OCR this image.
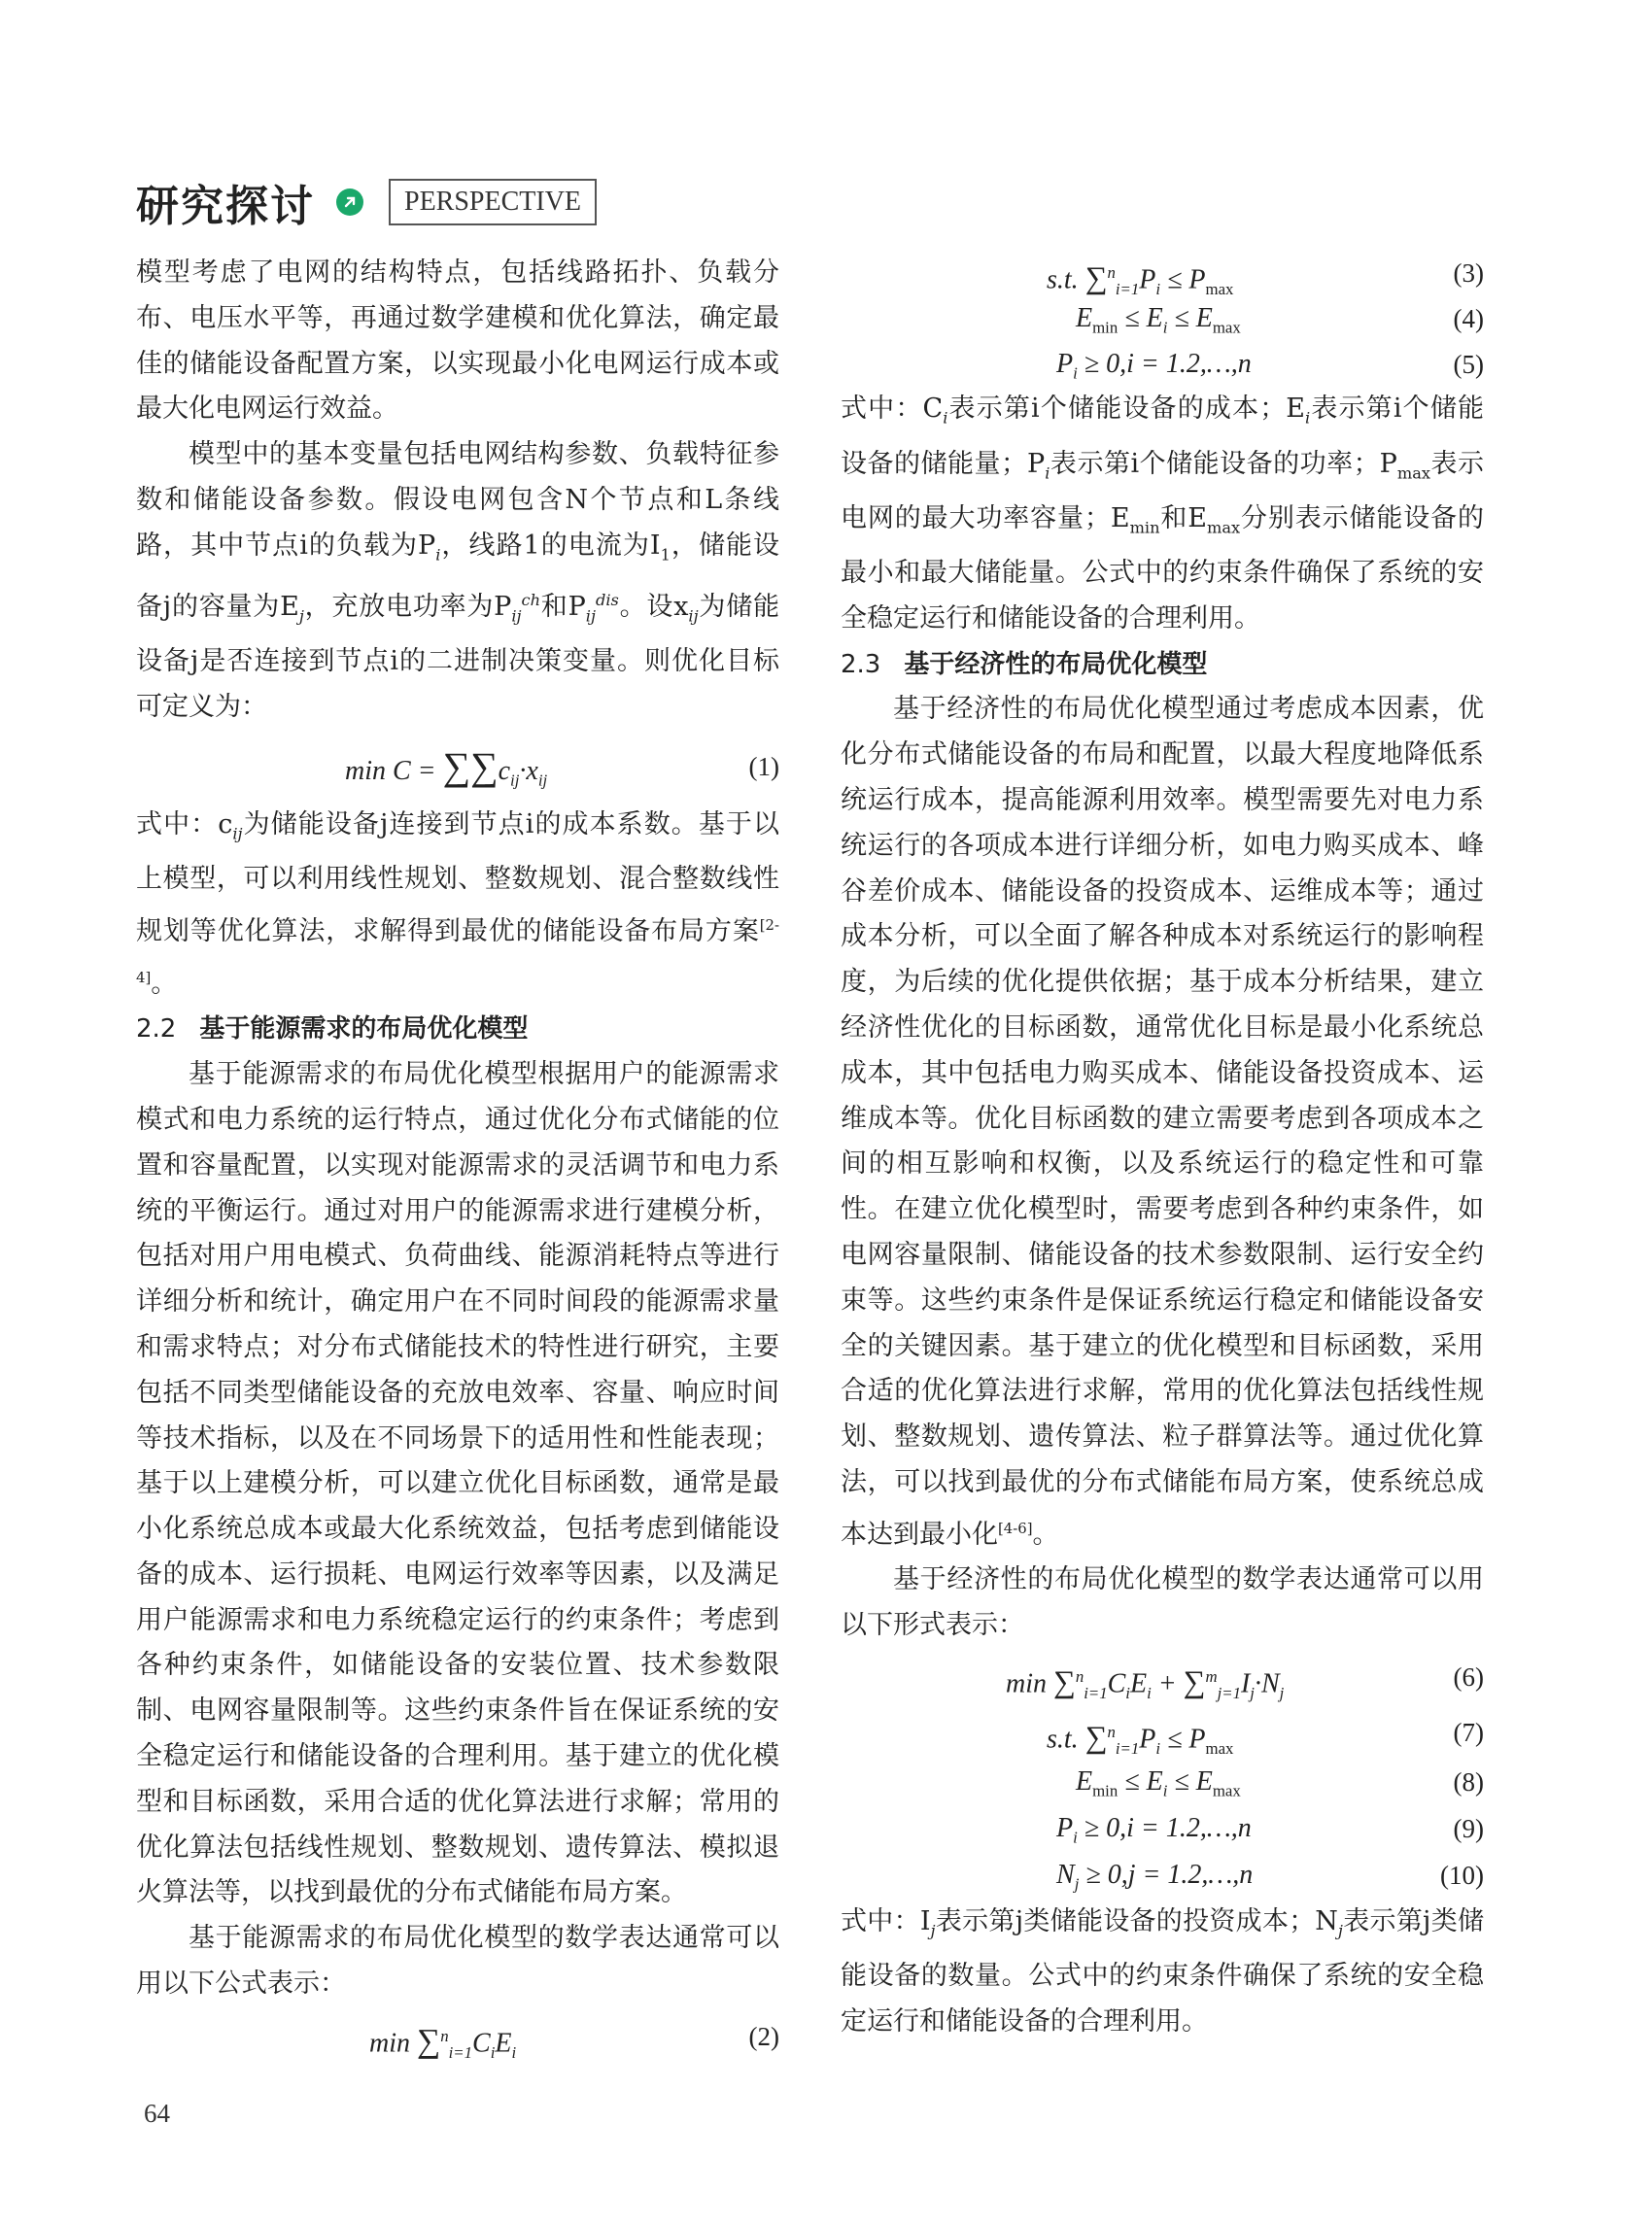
研究探讨	PERSPECTIVE

模型考虑了电网的结构特点，包括线路拓扑、负载分布、电压水平等，再通过数学建模和优化算法，确定最佳的储能设备配置方案，以实现最小化电网运行成本或最大化电网运行效益。

模型中的基本变量包括电网结构参数、负载特征参数和储能设备参数。假设电网包含N个节点和L条线路，其中节点i的负载为$P_i$，线路1的电流为$I_1$，储能设备j的容量为$E_j$，充放电功率为$P_{ij}^{ch}$和$P_{ij}^{dis}$。设$x_{ij}$为储能设备j是否连接到节点i的二进制决策变量。则优化目标可定义为：

$\min C = \sum\sum c_{ij}\cdot x_{ij}$	(1)

式中：$c_{ij}$为储能设备j连接到节点i的成本系数。基于以上模型，可以利用线性规划、整数规划、混合整数线性规划等优化算法，求解得到最优的储能设备布局方案[2-4]。

2.2 基于能源需求的布局优化模型

基于能源需求的布局优化模型根据用户的能源需求模式和电力系统的运行特点，通过优化分布式储能的位置和容量配置，以实现对能源需求的灵活调节和电力系统的平衡运行。通过对用户的能源需求进行建模分析，包括对用户用电模式、负荷曲线、能源消耗特点等进行详细分析和统计，确定用户在不同时间段的能源需求量和需求特点；对分布式储能技术的特性进行研究，主要包括不同类型储能设备的充放电效率、容量、响应时间等技术指标，以及在不同场景下的适用性和性能表现；基于以上建模分析，可以建立优化目标函数，通常是最小化系统总成本或最大化系统效益，包括考虑到储能设备的成本、运行损耗、电网运行效率等因素，以及满足用户能源需求和电力系统稳定运行的约束条件；考虑到各种约束条件，如储能设备的安装位置、技术参数限制、电网容量限制等。这些约束条件旨在保证系统的安全稳定运行和储能设备的合理利用。基于建立的优化模型和目标函数，采用合适的优化算法进行求解；常用的优化算法包括线性规划、整数规划、遗传算法、模拟退火算法等，以找到最优的分布式储能布局方案。

基于能源需求的布局优化模型的数学表达通常可以用以下公式表示：

$\min \sum^n_{i=1}C_iE_i$
(2)
s.t. $\sum^n_{i=1}P_i \le P_{max}$
(3)
$E_{min} \le E_i \le E_{max}$	(4)
$P_i \ge 0,i$ = 1.2,…,n	(5)

式中：$C_i$表示第i个储能设备的成本；$E_i$表示第i个储能设备的储能量；$P_i$表示第i个储能设备的功率；$P_{max}$表示电网的最大功率容量；$E_{min}$和$E_{max}$分别表示储能设备的最小和最大储能量。公式中的约束条件确保了系统的安全稳定运行和储能设备的合理利用。

2.3 基于经济性的布局优化模型

基于经济性的布局优化模型通过考虑成本因素，优化分布式储能设备的布局和配置，以最大程度地降低系统运行成本，提高能源利用效率。模型需要先对电力系统运行的各项成本进行详细分析，如电力购买成本、峰谷差价成本、储能设备的投资成本、运维成本等；通过成本分析，可以全面了解各种成本对系统运行的影响程度，为后续的优化提供依据；基于成本分析结果，建立经济性优化的目标函数，通常优化目标是最小化系统总成本，其中包括电力购买成本、储能设备投资成本、运维成本等。优化目标函数的建立需要考虑到各项成本之间的相互影响和权衡，以及系统运行的稳定性和可靠性。在建立优化模型时，需要考虑到各种约束条件，如电网容量限制、储能设备的技术参数限制、运行安全约束等。这些约束条件是保证系统运行稳定和储能设备安全的关键因素。基于建立的优化模型和目标函数，采用合适的优化算法进行求解，常用的优化算法包括线性规划、整数规划、遗传算法、粒子群算法等。通过优化算法，可以找到最优的分布式储能布局方案，使系统总成本达到最小化[4-6]。

基于经济性的布局优化模型的数学表达通常可以用以下形式表示：

$\min \sum^n_{i=1}C_iE_i + \sum^m_{j=1}I_j\cdot N_j$
(6)
s.t. $\sum^n_{i=1}P_i \le P_{max}$
(7)
$E_{min} \le E_i \le E_{max}$	(8)
$P_i \ge 0,i$ = 1.2,…,n	(9)
$N_j \ge 0,j$ = 1.2,…,n	(10)

式中：$I_j$表示第j类储能设备的投资成本；$N_j$表示第j类储能设备的数量。公式中的约束条件确保了系统的安全稳定运行和储能设备的合理利用。

64
